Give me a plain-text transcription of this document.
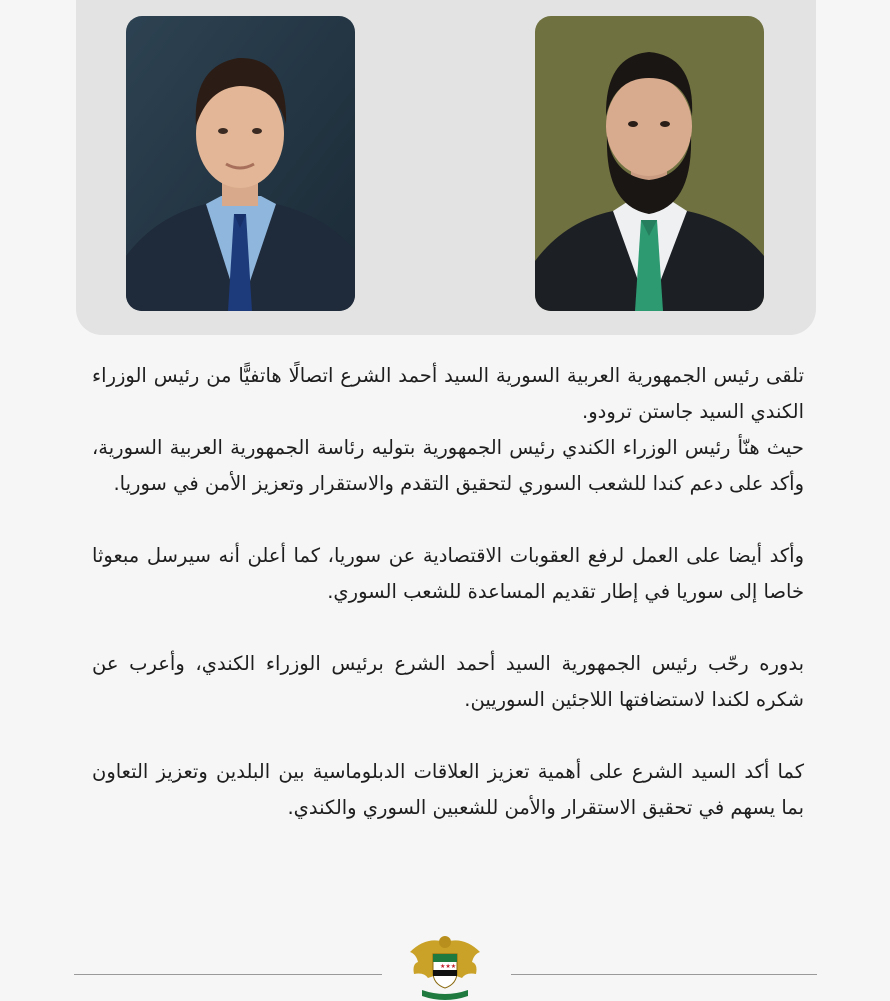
تلقى رئيس الجمهورية العربية السورية السيد أحمد الشرع اتصالًا هاتفيًّا من رئيس الوزراء الكندي السيد جاستن ترودو.
حيث هنّأ رئيس الوزراء الكندي رئيس الجمهورية بتوليه رئاسة الجمهورية العربية السورية، وأكد على دعم كندا للشعب السوري لتحقيق التقدم والاستقرار وتعزيز الأمن في سوريا.

وأكد أيضا على العمل لرفع العقوبات الاقتصادية عن سوريا، كما أعلن أنه سيرسل مبعوثا خاصا إلى سوريا في إطار تقديم المساعدة للشعب السوري.

بدوره رحّب رئيس الجمهورية السيد أحمد الشرع برئيس الوزراء الكندي، وأعرب عن شكره لكندا لاستضافتها اللاجئين السوريين.

كما أكد السيد الشرع على أهمية تعزيز العلاقات الدبلوماسية بين البلدين وتعزيز التعاون بما يسهم في تحقيق الاستقرار والأمن للشعبين السوري والكندي.

★★★
